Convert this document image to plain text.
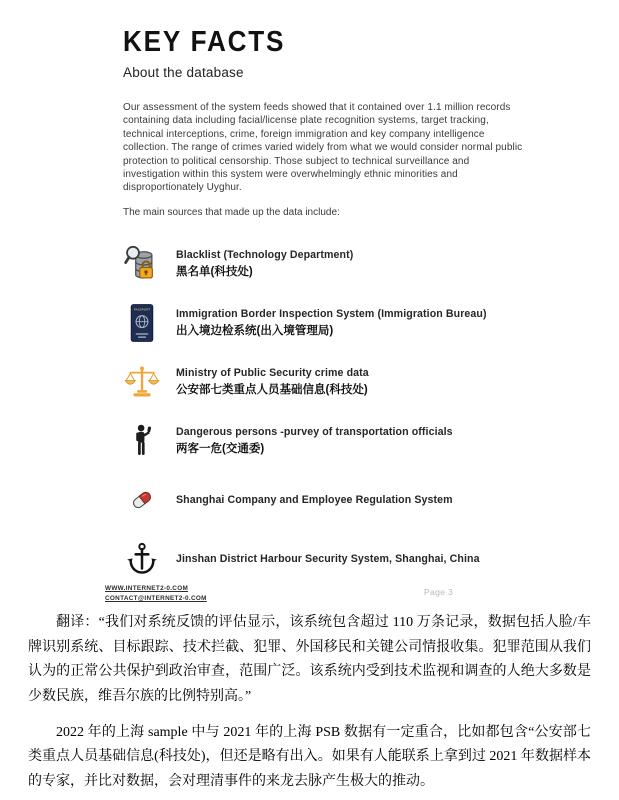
KEY FACTS
About the database

Our assessment of the system feeds showed that it contained over 1.1 million records containing data including facial/license plate recognition systems, target tracking, technical interceptions, crime, foreign immigration and key company intelligence collection. The range of crimes varied widely from what we would consider normal public protection to political censorship. Those subject to technical surveillance and investigation within this system were overwhelmingly ethnic minorities and disproportionately Uyghur.

The main sources that made up the data include:

Blacklist (Technology Department)
黑名单(科技处)
PASSPORT Immigration Border Inspection System (Immigration Bureau)
出入境边检系统(出入境管理局)
Ministry of Public Security crime data
公安部七类重点人员基础信息(科技处)
Dangerous persons -purvey of transportation officials
两客一危(交通委)
Shanghai Company and Employee Regulation System
Jinshan District Harbour Security System, Shanghai, China
WWW.INTERNET2-0.COM
CONTACT@INTERNET2-0.COM
Page 3

翻译：“我们对系统反馈的评估显示，该系统包含超过 110 万条记录，数据包括人脸/车牌识别系统、目标跟踪、技术拦截、犯罪、外国移民和关键公司情报收集。犯罪范围从我们认为的正常公共保护到政治审查，范围广泛。该系统内受到技术监视和调查的人绝大多数是少数民族，维吾尔族的比例特别高。”

2022 年的上海 sample 中与 2021 年的上海 PSB 数据有一定重合，比如都包含“公安部七类重点人员基础信息(科技处)，但还是略有出入。如果有人能联系上拿到过 2021 年数据样本的专家，并比对数据，会对理清事件的来龙去脉产生极大的推动。
